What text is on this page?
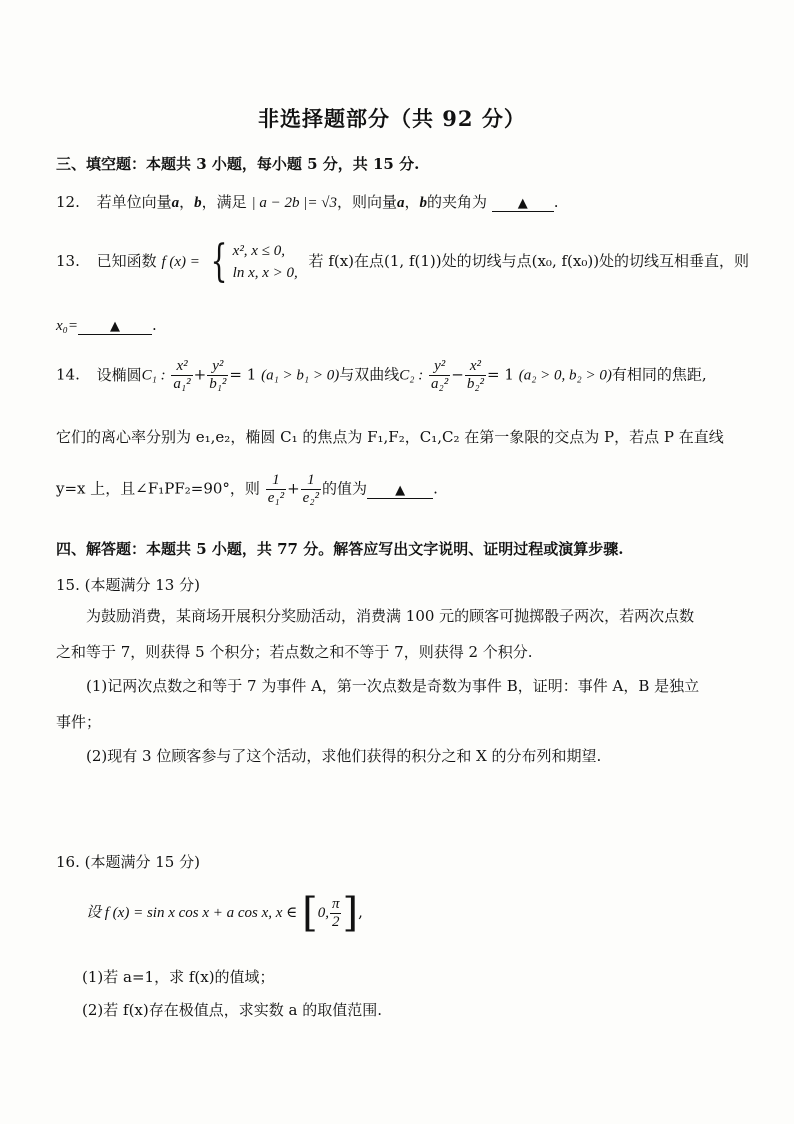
非选择题部分（共 92 分）
三、填空题：本题共 3 小题，每小题 5 分，共 15 分.
12. 若单位向量a，b，满足 | a − 2b |= √3，则向量a，b的夹角为 ▲ .
13. 已知函数 f (x) = { x², x ≤ 0,
ln x, x > 0, 若 f(x)在点(1, f(1))处的切线与点(x₀, f(x₀))处的切线互相垂直，则
x₀= ▲ .
14. 设椭圆C₁ : $\frac{\text{x²}}{\text{a₁²}} + \frac{\text{y²}}{\text{b₁²}} = 1$ (a₁ > b₁ > 0)与双曲线C₂ : $\frac{\text{y²}}{\text{a₂²}} - \frac{\text{x²}}{\text{b₂²}} = 1$ (a₂ > 0, b₂ > 0)有相同的焦距,
它们的离心率分别为 e₁,e₂，椭圆 C₁ 的焦点为 F₁,F₂，C₁,C₂ 在第一象限的交点为 P，若点 P 在直线
y=x 上，且∠F₁PF₂=90°，则 $\frac{1}{\text{e₁²}} + \frac{1}{\text{e₂²}}$ 的值为 ▲ .
四、解答题：本题共 5 小题，共 77 分。解答应写出文字说明、证明过程或演算步骤.
15. (本题满分 13 分)
为鼓励消费，某商场开展积分奖励活动，消费满 100 元的顾客可抛掷骰子两次，若两次点数
之和等于 7，则获得 5 个积分；若点数之和不等于 7，则获得 2 个积分.
(1)记两次点数之和等于 7 为事件 A，第一次点数是奇数为事件 B，证明：事件 A，B 是独立
事件；
(2)现有 3 位顾客参与了这个活动，求他们获得的积分之和 X 的分布列和期望.
16. (本题满分 15 分)
设 f (x) = sin x cos x + a cos x, x ∈ [0, $\frac{\pi}{2}$ ],
(1)若 a=1，求 f(x)的值域；
(2)若 f(x)存在极值点，求实数 a 的取值范围.
